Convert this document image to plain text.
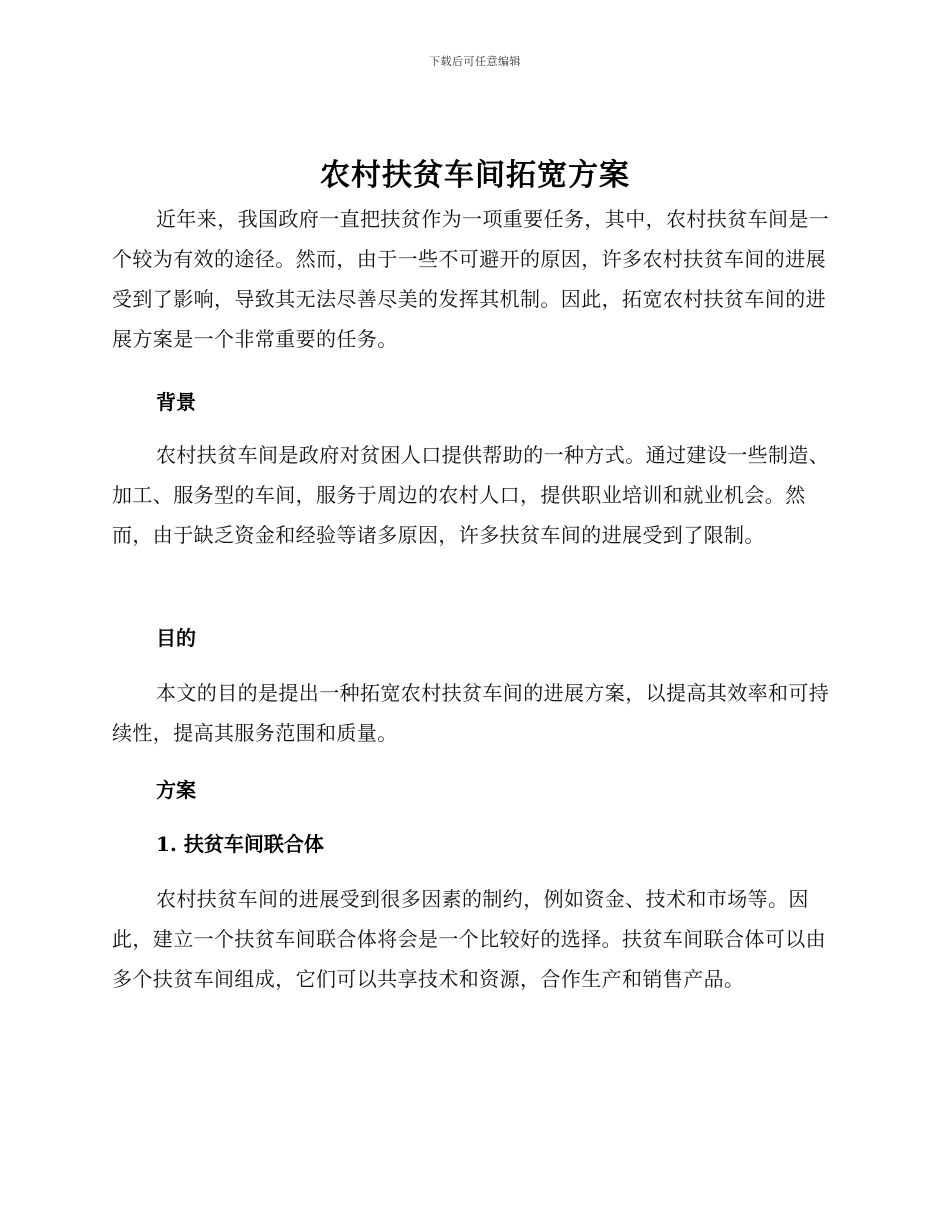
下载后可任意编辑
农村扶贫车间拓宽方案

近年来，我国政府一直把扶贫作为一项重要任务，其中，农村扶贫车间是一个较为有效的途径。然而，由于一些不可避开的原因，许多农村扶贫车间的进展受到了影响，导致其无法尽善尽美的发挥其机制。因此，拓宽农村扶贫车间的进展方案是一个非常重要的任务。

背景

农村扶贫车间是政府对贫困人口提供帮助的一种方式。通过建设一些制造、加工、服务型的车间，服务于周边的农村人口，提供职业培训和就业机会。然而，由于缺乏资金和经验等诸多原因，许多扶贫车间的进展受到了限制。

目的

本文的目的是提出一种拓宽农村扶贫车间的进展方案，以提高其效率和可持续性，提高其服务范围和质量。

方案
1. 扶贫车间联合体

农村扶贫车间的进展受到很多因素的制约，例如资金、技术和市场等。因此，建立一个扶贫车间联合体将会是一个比较好的选择。扶贫车间联合体可以由多个扶贫车间组成，它们可以共享技术和资源，合作生产和销售产品。
